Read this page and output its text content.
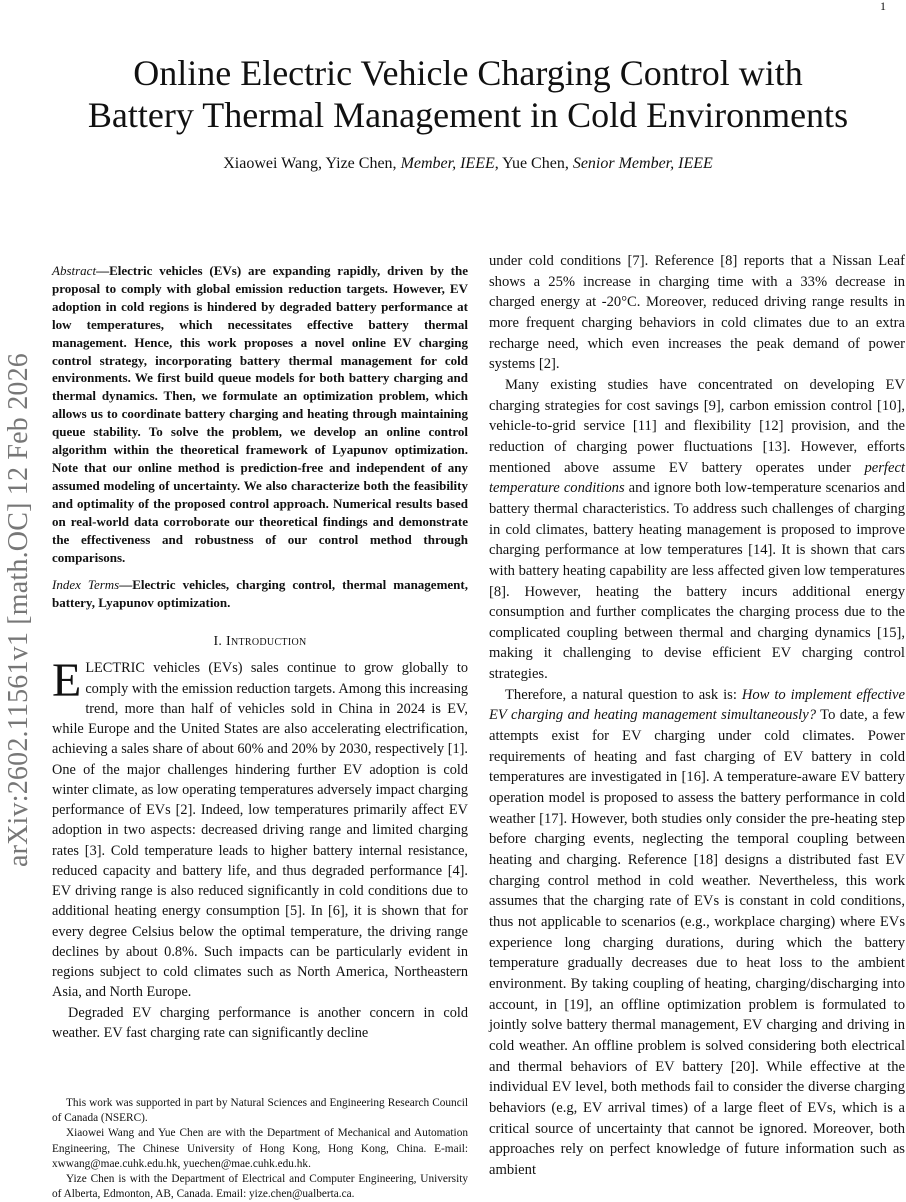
1
arXiv:2602.11561v1 [math.OC] 12 Feb 2026
Online Electric Vehicle Charging Control with
Battery Thermal Management in Cold Environments
Xiaowei Wang, Yize Chen, Member, IEEE, Yue Chen, Senior Member, IEEE

Abstract—Electric vehicles (EVs) are expanding rapidly, driven by the proposal to comply with global emission reduction targets. However, EV adoption in cold regions is hindered by degraded battery performance at low temperatures, which necessitates effective battery thermal management. Hence, this work proposes a novel online EV charging control strategy, incorporating battery thermal management for cold environments. We first build queue models for both battery charging and thermal dynamics. Then, we formulate an optimization problem, which allows us to coordinate battery charging and heating through maintaining queue stability. To solve the problem, we develop an online control algorithm within the theoretical framework of Lyapunov optimization. Note that our online method is prediction-free and independent of any assumed modeling of uncertainty. We also characterize both the feasibility and optimality of the proposed control approach. Numerical results based on real-world data corroborate our theoretical findings and demonstrate the effectiveness and robustness of our control method through comparisons.

Index Terms—Electric vehicles, charging control, thermal management, battery, Lyapunov optimization.

I. Introduction

ELECTRIC vehicles (EVs) sales continue to grow globally to comply with the emission reduction targets. Among this increasing trend, more than half of vehicles sold in China in 2024 is EV, while Europe and the United States are also accelerating electrification, achieving a sales share of about 60% and 20% by 2030, respectively [1]. One of the major challenges hindering further EV adoption is cold winter climate, as low operating temperatures adversely impact charging performance of EVs [2]. Indeed, low temperatures primarily affect EV adoption in two aspects: decreased driving range and limited charging rates [3]. Cold temperature leads to higher battery internal resistance, reduced capacity and battery life, and thus degraded performance [4]. EV driving range is also reduced significantly in cold conditions due to additional heating energy consumption [5]. In [6], it is shown that for every degree Celsius below the optimal temperature, the driving range declines by about 0.8%. Such impacts can be particularly evident in regions subject to cold climates such as North America, Northeastern Asia, and North Europe.

Degraded EV charging performance is another concern in cold weather. EV fast charging rate can significantly decline

This work was supported in part by Natural Sciences and Engineering Research Council of Canada (NSERC).

Xiaowei Wang and Yue Chen are with the Department of Mechanical and Automation Engineering, The Chinese University of Hong Kong, Hong Kong, China. E-mail: xwwang@mae.cuhk.edu.hk, yuechen@mae.cuhk.edu.hk.

Yize Chen is with the Department of Electrical and Computer Engineering, University of Alberta, Edmonton, AB, Canada. Email: yize.chen@ualberta.ca.

under cold conditions [7]. Reference [8] reports that a Nissan Leaf shows a 25% increase in charging time with a 33% decrease in charged energy at -20°C. Moreover, reduced driving range results in more frequent charging behaviors in cold climates due to an extra recharge need, which even increases the peak demand of power systems [2].

Many existing studies have concentrated on developing EV charging strategies for cost savings [9], carbon emission control [10], vehicle-to-grid service [11] and flexibility [12] provision, and the reduction of charging power fluctuations [13]. However, efforts mentioned above assume EV battery operates under perfect temperature conditions and ignore both low-temperature scenarios and battery thermal characteristics. To address such challenges of charging in cold climates, battery heating management is proposed to improve charging performance at low temperatures [14]. It is shown that cars with battery heating capability are less affected given low temperatures [8]. However, heating the battery incurs additional energy consumption and further complicates the charging process due to the complicated coupling between thermal and charging dynamics [15], making it challenging to devise efficient EV charging control strategies.

Therefore, a natural question to ask is: How to implement effective EV charging and heating management simultaneously? To date, a few attempts exist for EV charging under cold climates. Power requirements of heating and fast charging of EV battery in cold temperatures are investigated in [16]. A temperature-aware EV battery operation model is proposed to assess the battery performance in cold weather [17]. However, both studies only consider the pre-heating step before charging events, neglecting the temporal coupling between heating and charging. Reference [18] designs a distributed fast EV charging control method in cold weather. Nevertheless, this work assumes that the charging rate of EVs is constant in cold conditions, thus not applicable to scenarios (e.g., workplace charging) where EVs experience long charging durations, during which the battery temperature gradually decreases due to heat loss to the ambient environment. By taking coupling of heating, charging/discharging into account, in [19], an offline optimization problem is formulated to jointly solve battery thermal management, EV charging and driving in cold weather. An offline problem is solved considering both electrical and thermal behaviors of EV battery [20]. While effective at the individual EV level, both methods fail to consider the diverse charging behaviors (e.g, EV arrival times) of a large fleet of EVs, which is a critical source of uncertainty that cannot be ignored. Moreover, both approaches rely on perfect knowledge of future information such as ambient
